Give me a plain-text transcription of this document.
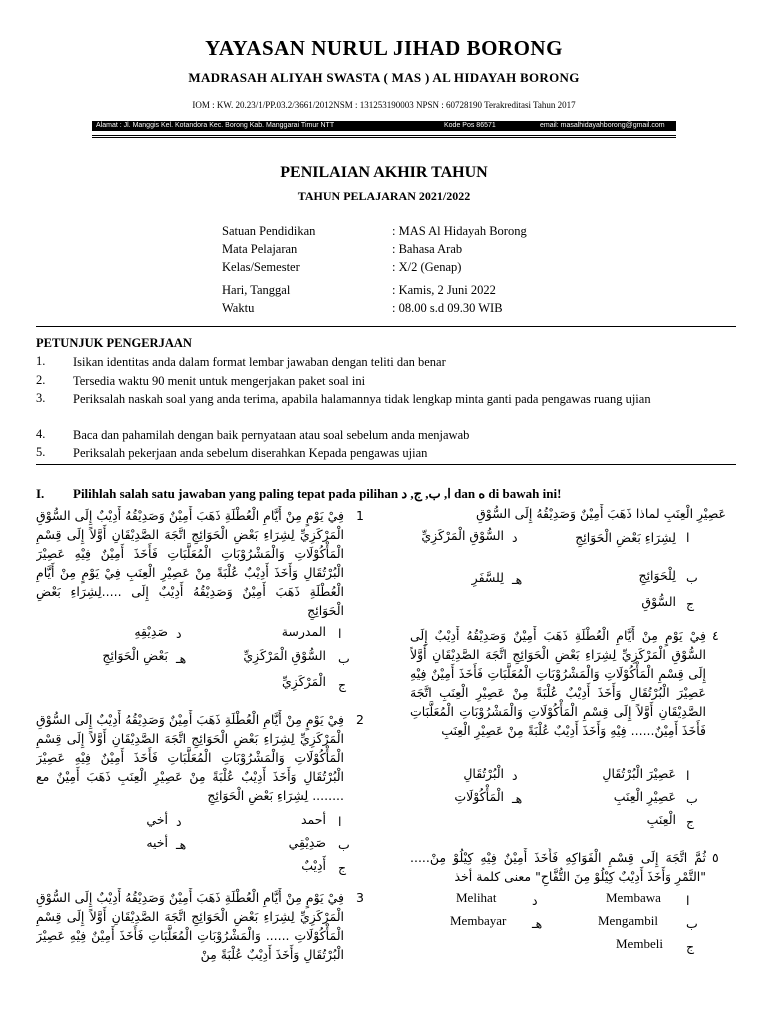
YAYASAN NURUL JIHAD BORONG
MADRASAH ALIYAH SWASTA ( MAS ) AL HIDAYAH BORONG
IOM : KW. 20.23/1/PP.03.2/3661/2012NSM : 131253190003 NPSN : 60728190 Terakreditasi Tahun 2017
Alamat : Jl. Manggis Kel. Kotandora Kec. Borong Kab. Manggarai Timur NTT	Kode Pos 86571	email: masalhidayahborong@gmail.com
PENILAIAN AKHIR TAHUN
TAHUN PELAJARAN 2021/2022
Satuan Pendidikan	: MAS Al Hidayah Borong
Mata Pelajaran	: Bahasa Arab
Kelas/Semester	: X/2 (Genap)
Hari, Tanggal	: Kamis, 2 Juni 2022
Waktu	: 08.00 s.d 09.30 WIB
PETUNJUK PENGERJAAN
1. Isikan identitas anda dalam format lembar jawaban dengan teliti dan benar
2. Tersedia waktu 90 menit untuk mengerjakan paket soal ini
3. Periksalah naskah soal yang anda terima, apabila halamannya tidak lengkap minta ganti pada pengawas ruang ujian
4. Baca dan pahamilah dengan baik pernyataan atau soal sebelum anda menjawab
5. Periksalah pekerjaan anda sebelum diserahkan Kepada pengawas ujian
I. Pilihlah salah satu jawaban yang paling tepat pada pilihan ا, ب, ج, د dan ه di bawah ini!
1
فِيْ يَوْمٍ مِنْ أَيَّامِ الْعُطْلَةِ ذَهَبَ أَمِيْنٌ وَصَدِيْقُهُ أَدِيْبٌ إِلَى السُّوْقِ الْمَرْكَزِيِّ لِشِرَاءِ بَعْضِ الْحَوَائِجِ اتَّجَهَ الصَّدِيْقَانِ أَوَّلاً إِلَى قِسْمِ الْمَأْكُوْلَاتِ وَالْمَشْرُوْبَاتِ الْمُعَلَّبَاتِ فَأَخَذَ أَمِيْنٌ فِيْهِ عَصِيْرَ الْبُرْتُقَالِ وَأَخَذَ أَدِيْبٌ عُلْبَةً مِنْ عَصِيْرِ الْعِنَبِ فِيْ يَوْمٍ مِنْ أَيَّامِ الْعُطْلَةِ ذَهَبَ أَمِيْنٌ وَصَدِيْقُهُ أَدِيْبٌ إِلَى .....لِشِرَاءِ بَعْضِ الْحَوَائِجِ
ا
المدرسة
د
صَدِيْقِهِ
ب
السُّوْقِ الْمَرْكَزِيِّ
هـ
بَعْضِ الْحَوَائِجِ
ج
الْمَرْكَزِيِّ
2
فِيْ يَوْمٍ مِنْ أَيَّامِ الْعُطْلَةِ ذَهَبَ أَمِيْنٌ وَصَدِيْقُهُ أَدِيْبٌ إِلَى السُّوْقِ الْمَرْكَزِيِّ لِشِرَاءِ بَعْضِ الْحَوَائِجِ اتَّجَهَ الصَّدِيْقَانِ أَوَّلاً إِلَى قِسْمِ الْمَأْكُوْلَاتِ وَالْمَشْرُوْبَاتِ الْمُعَلَّبَاتِ فَأَخَذَ أَمِيْنٌ فِيْهِ عَصِيْرَ الْبُرْتُقَالِ وَأَخَذَ أَدِيْبٌ عُلْبَةً مِنْ عَصِيْرِ الْعِنَبِ ذَهَبَ أَمِيْنٌ مع ........ لِشِرَاءِ بَعْضِ الْحَوَائِجِ
ا
أحمد
د
أخي
ب
صَدِيْقِي
هـ
أخيه
ج
أَدِيْبٌ
3
فِيْ يَوْمٍ مِنْ أَيَّامِ الْعُطْلَةِ ذَهَبَ أَمِيْنٌ وَصَدِيْقُهُ أَدِيْبٌ إِلَى السُّوْقِ الْمَرْكَزِيِّ لِشِرَاءِ بَعْضِ الْحَوَائِجِ اتَّجَهَ الصَّدِيْقَانِ أَوَّلاً إِلَى قِسْمِ الْمَأْكُوْلَاتِ ...... وَالْمَشْرُوْبَاتِ الْمُعَلَّبَاتِ فَأَخَذَ أَمِيْنٌ فِيْهِ عَصِيْرَ الْبُرْتُقَالِ وَأَخَذَ أَدِيْبٌ عُلْبَةً مِنْ
عَصِيْرِ الْعِنَبِ لماذا ذَهَبَ أَمِيْنٌ وَصَدِيْقُهُ إِلَى السُّوْقِ
ا
لِشِرَاءِ بَعْضِ الْحَوَائِجِ
د
السُّوْقِ الْمَرْكَزِيِّ
ب
لِلْحَوَائِجِ
هـ
لِلسَّفَرِ
ج
السُّوْقِ
٤
فِيْ يَوْمٍ مِنْ أَيَّامِ الْعُطْلَةِ ذَهَبَ أَمِيْنٌ وَصَدِيْقُهُ أَدِيْبٌ إِلَى السُّوْقِ الْمَرْكَزِيِّ لِشِرَاءِ بَعْضِ الْحَوَائِجِ اتَّجَهَ الصَّدِيْقَانِ أَوَّلاً إِلَى قِسْمِ الْمَأْكُوْلَاتِ وَالْمَشْرُوْبَاتِ الْمُعَلَّبَاتِ فَأَخَذَ أَمِيْنٌ فِيْهِ عَصِيْرَ الْبُرْتُقَالِ وَأَخَذَ أَدِيْبٌ عُلْبَةً مِنْ عَصِيْرِ الْعِنَبِ اتَّجَهَ الصَّدِيْقَانِ أَوَّلاً إِلَى قِسْمِ الْمَأْكُوْلَاتِ وَالْمَشْرُوْبَاتِ الْمُعَلَّبَاتِ فَأَخَذَ أَمِيْنٌ...... فِيْهِ وَأَخَذَ أَدِيْبٌ عُلْبَةً مِنْ عَصِيْرِ الْعِنَبِ
ا
عَصِيْرَ الْبُرْتُقَالِ
د
الْبُرْتُقَالِ
ب
عَصِيْرِ الْعِنَبِ
هـ
الْمَأْكُوْلَاتِ
ج
الْعِنَبِ
٥
ثُمَّ اتَّجَهَ إِلَى قِسْمِ الْفَوَاكِهِ فَأَخَذَ أَمِيْنٌ فِيْهِ كِيْلُوْ مِنْ..... "التَّمْرِ وَأَخَذَ أَدِيْبٌ كِيْلُوْ مِنَ التُّفَّاحِ" معنى كلمة أخذ
ا
Membawa
د
Melihat
ب
Mengambil
هـ
Membayar
ج
Membeli
